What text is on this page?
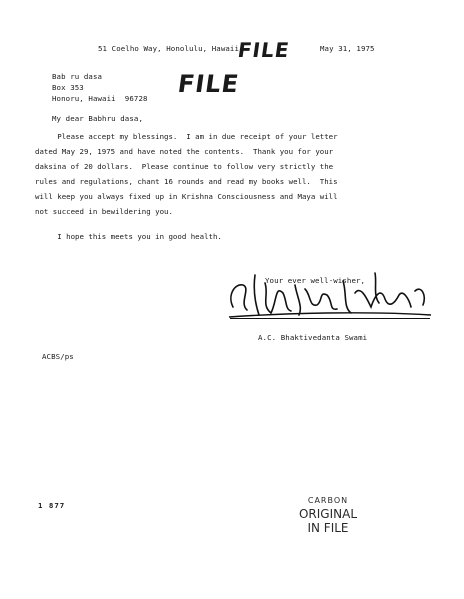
51 Coelho Way, Honolulu, Hawaii	May 31, 1975
FILE
FILE
Bab ru dasa
Box 353
Honoru, Hawaii  96728
My dear Babhru dasa,
Please accept my blessings.  I am in due receipt of your letter
dated May 29, 1975 and have noted the contents.  Thank you for your
daksina of 20 dollars.  Please continue to follow very strictly the
rules and regulations, chant 16 rounds and read my books well.  This
will keep you always fixed up in Krishna Consciousness and Maya will
not succeed in bewildering you.
I hope this meets you in good health.
Your ever well-wisher,
A.C. Bhaktivedanta Swami
ACBS/ps
1 877
CARBON
ORIGINAL
IN FILE
